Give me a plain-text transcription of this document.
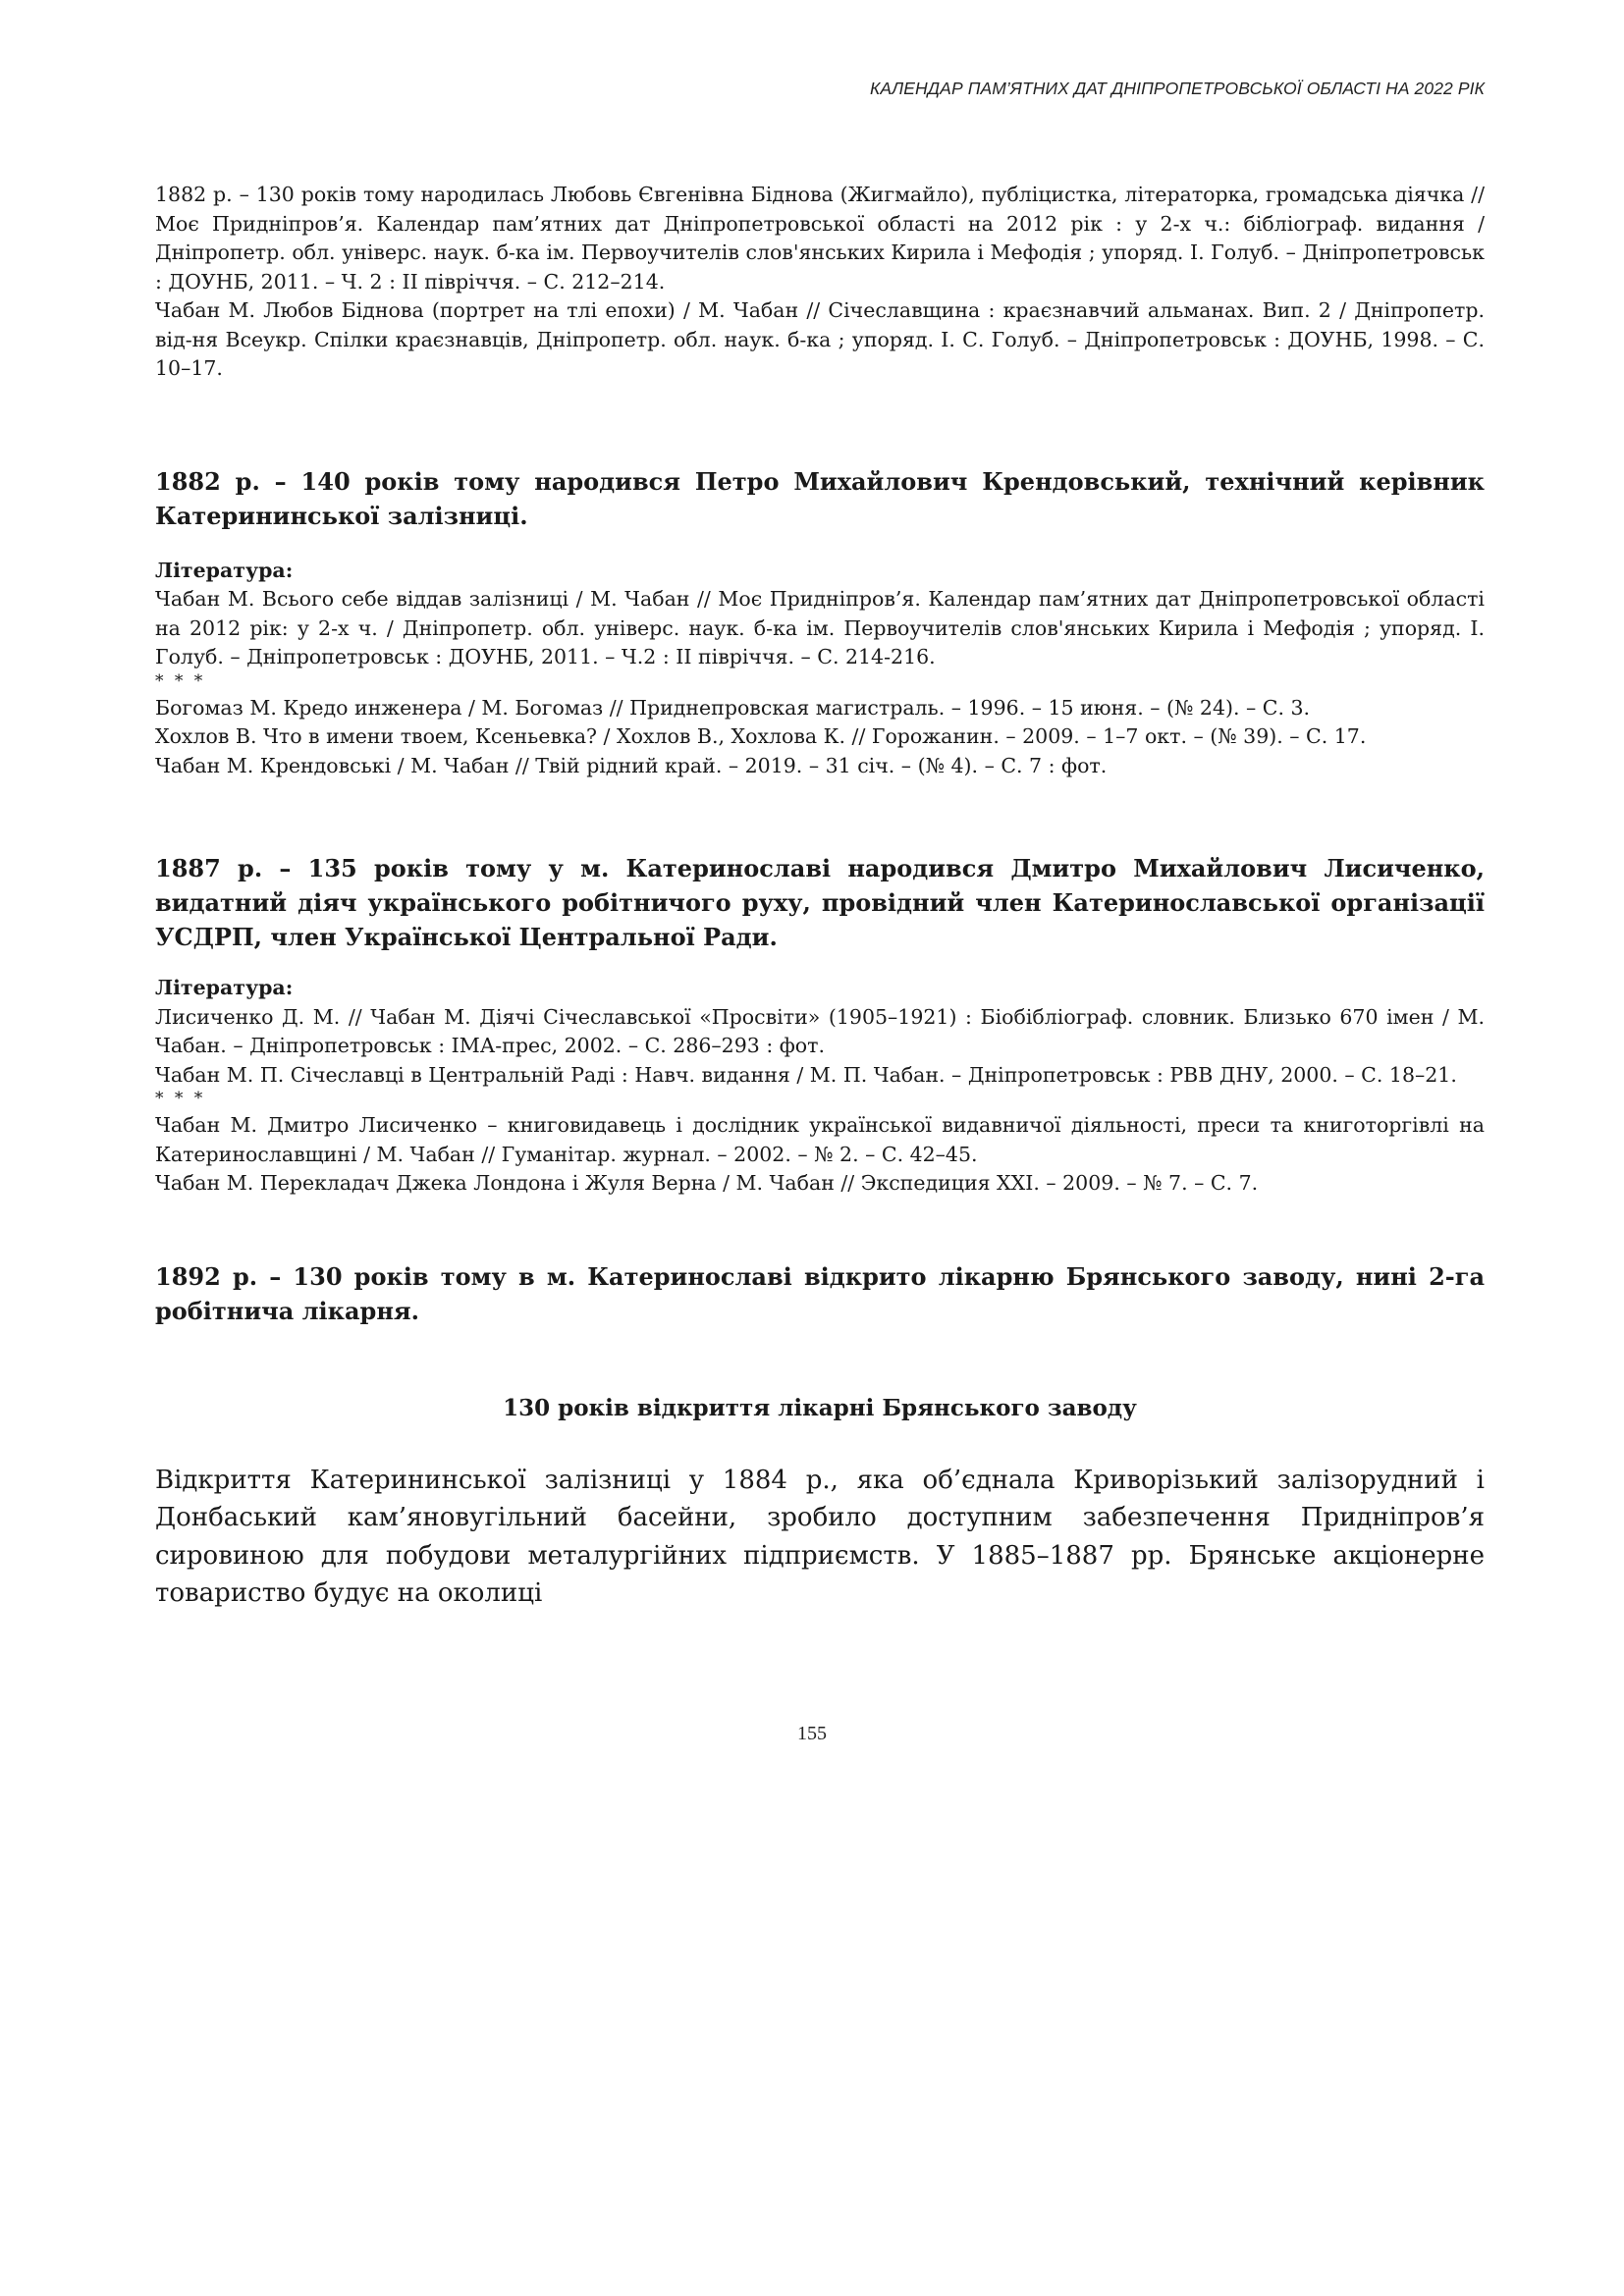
КАЛЕНДАР ПАМ’ЯТНИХ ДАТ ДНІПРОПЕТРОВСЬКОЇ ОБЛАСТІ НА 2022 РІК

1882 р. – 130 років тому народилась Любовь Євгенівна Біднова (Жигмайло), публіцистка, літераторка, громадська діячка // Моє Придніпров’я. Календар пам’ятних дат Дніпропетровської області на 2012 рік : у 2-х ч.: бібліограф. видання / Дніпропетр. обл. універс. наук. б-ка ім. Первоучителів слов'янських Кирила і Мефодія ; упоряд. І. Голуб. – Дніпропетровськ : ДОУНБ, 2011. – Ч. 2 : ІІ півріччя. – С. 212–214.

Чабан М. Любов Біднова (портрет на тлі епохи) / М. Чабан // Січеславщина : краєзнавчий альманах. Вип. 2 / Дніпропетр. від-ня Всеукр. Спілки краєзнавців, Дніпропетр. обл. наук. б-ка ; упоряд. І. С. Голуб. – Дніпропетровськ : ДОУНБ, 1998. – С. 10–17.

1882 р. – 140 років тому народився Петро Михайлович Крендовський, технічний керівник Катерининської залізниці.

Література:

Чабан М. Всього себе віддав залізниці / М. Чабан // Моє Придніпров’я. Календар пам’ятних дат Дніпропетровської області на 2012 рік: у 2-х ч. / Дніпропетр. обл. універс. наук. б-ка ім. Первоучителів слов'янських Кирила і Мефодія ; упоряд. І. Голуб. – Дніпропетровськ : ДОУНБ, 2011. – Ч.2 : ІІ півріччя. – С. 214-216.

* * *

Богомаз М. Кредо инженера / М. Богомаз // Приднепровская магистраль. – 1996. – 15 июня. – (№ 24). – С. 3.

Хохлов В. Что в имени твоем, Ксеньевка? / Хохлов В., Хохлова К. // Горожанин. – 2009. – 1–7 окт. – (№ 39). – С. 17.

Чабан М. Крендовські / М. Чабан // Твій рідний край. – 2019. – 31 січ. – (№ 4). – С. 7 : фот.

1887 р. – 135 років тому у м. Катеринославі народився Дмитро Михайлович Лисиченко, видатний діяч українського робітничого руху, провідний член Катеринославської організації УСДРП, член Української Центральної Ради.

Література:

Лисиченко Д. М. // Чабан М. Діячі Січеславської «Просвіти» (1905–1921) : Біобібліограф. словник. Близько 670 імен / М. Чабан. – Дніпропетровськ : ІМА-прес, 2002. – С. 286–293 : фот.

Чабан М. П. Січеславці в Центральній Раді : Навч. видання / М. П. Чабан. – Дніпропетровськ : РВВ ДНУ, 2000. – С. 18–21.

* * *

Чабан М. Дмитро Лисиченко – книговидавець і дослідник української видавничої діяльності, преси та книготоргівлі на Катеринославщині / М. Чабан // Гуманітар. журнал. – 2002. – № 2. – С. 42–45.

Чабан М. Перекладач Джека Лондона і Жуля Верна / М. Чабан // Экспедиция ХХІ. – 2009. – № 7. – С. 7.

1892 р. – 130 років тому в м. Катеринославі відкрито лікарню Брянського заводу, нині 2-га робітнича лікарня.

130 років відкриття лікарні Брянського заводу

Відкриття Катерининської залізниці у 1884 р., яка об’єднала Криворізький залізорудний і Донбаський кам’яновугільний басейни, зробило доступним забезпечення Придніпров’я сировиною для побудови металургійних підприємств. У 1885–1887 рр. Брянське акціонерне товариство будує на околиці

155
